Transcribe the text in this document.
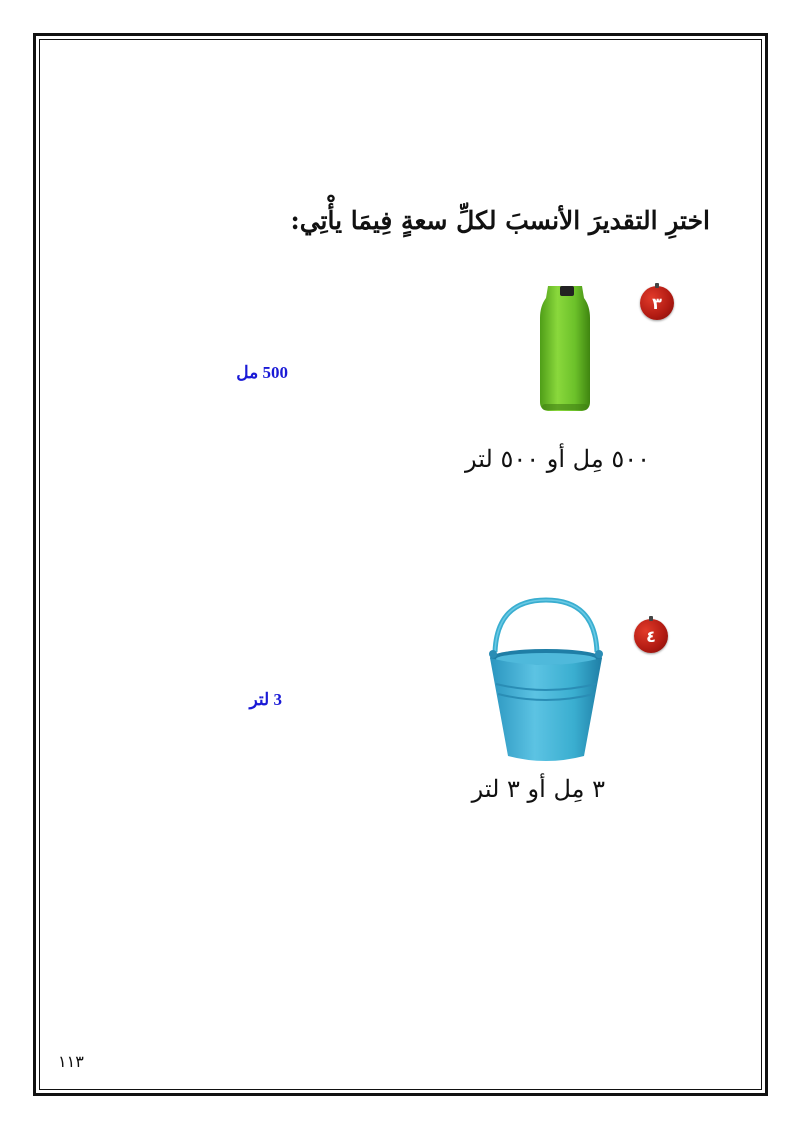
اخترِ التقديرَ الأنسبَ لكلِّ سعةٍ فِيمَا يأْتِي:
٣
٥٠٠ مِل أو ٥٠٠ لتر
500 مل
٤
٣ مِل أو ٣ لتر
3 لتر
١١٣
